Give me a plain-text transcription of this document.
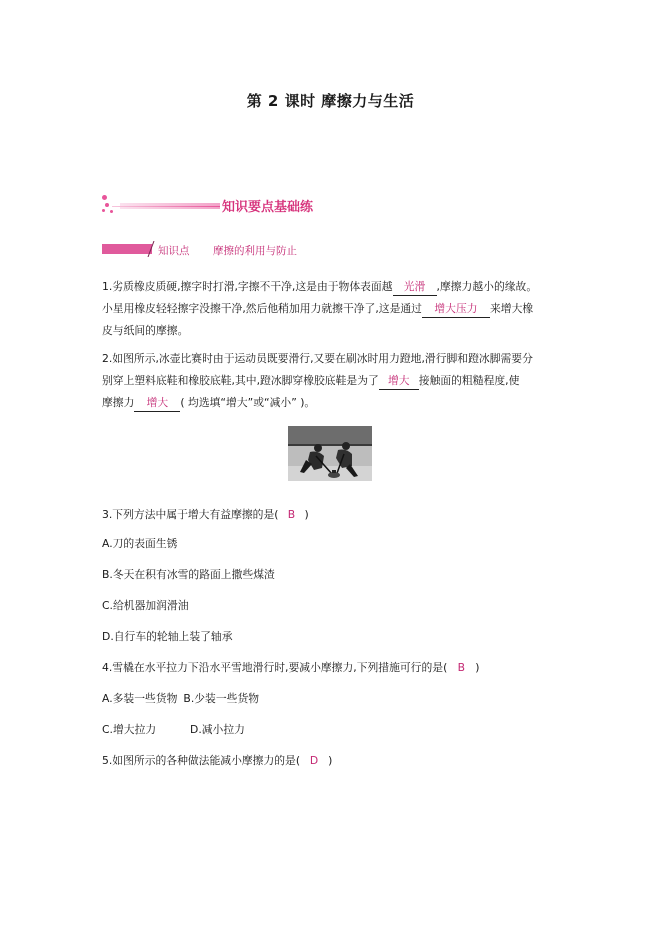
第 2 课时 摩擦力与生活
知识要点基础练
知识点 摩擦的利用与防止
1.劣质橡皮质硬,擦字时打滑,字擦不干净,这是由于物体表面越 光滑 ,摩擦力越小的缘故。
小星用橡皮轻轻擦字没擦干净,然后他稍加用力就擦干净了,这是通过 增大压力 来增大橡
皮与纸间的摩擦。
2.如图所示,冰壶比赛时由于运动员既要滑行,又要在刷冰时用力蹬地,滑行脚和蹬冰脚需要分
别穿上塑料底鞋和橡胶底鞋,其中,蹬冰脚穿橡胶底鞋是为了 增大 接触面的粗糙程度,使
摩擦力 增大 ( 均选填“增大”或“减小” )。
3.下列方法中属于增大有益摩擦的是( B )
A.刀的表面生锈
B.冬天在积有冰雪的路面上撒些煤渣
C.给机器加润滑油
D.自行车的轮轴上装了轴承
4.雪橇在水平拉力下沿水平雪地滑行时,要减小摩擦力,下列措施可行的是( B )
A.多装一些货物 B.少装一些货物
C.增大拉力	D.减小拉力
5.如图所示的各种做法能减小摩擦力的是( D )
